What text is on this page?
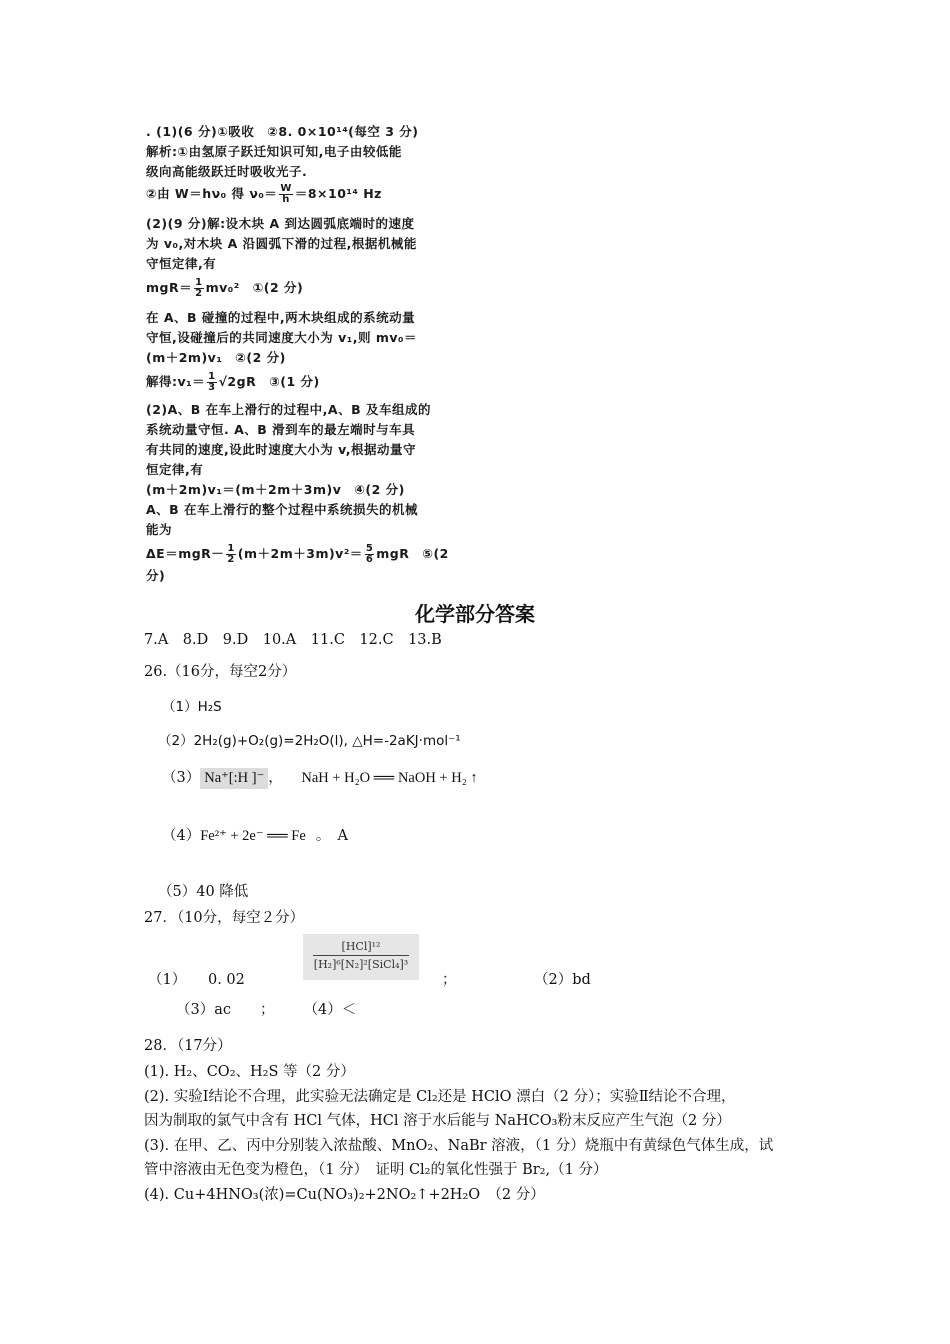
. (1)(6 分)①吸收　②8. 0×10¹⁴(每空 3 分)
解析:①由氢原子跃迁知识可知,电子由较低能
级向高能级跃迁时吸收光子.
②由 W＝hν₀ 得 $\nu_0= \frac{W}{h} =8\times 10^{14}$ Hz
(2)(9 分)解:设木块 A 到达圆弧底端时的速度
为 v₀,对木块 A 沿圆弧下滑的过程,根据机械能
守恒定律,有
$mgR= \frac{1}{2} mv_0^2$　①(2 分)
在 A、B 碰撞的过程中,两木块组成的系统动量
守恒,设碰撞后的共同速度大小为 v₁,则 mv₀＝
(m＋2m)v₁　②(2 分)
解得:v₁＝ $\frac{1}{3} √2gR$　③(1 分)
(2)A、B 在车上滑行的过程中,A、B 及车组成的
系统动量守恒. A、B 滑到车的最左端时与车具
有共同的速度,设此时速度大小为 v,根据动量守
恒定律,有
(m＋2m)v₁＝(m＋2m＋3m)v　④(2 分)
A、B 在车上滑行的整个过程中系统损失的机械
能为
$\Delta E=mgR- \frac{1}{2} (m+2m+3m)v^2= \frac{5}{6}$ mgR　⑤(2
分)
化学部分答案
7.A　8.D　9.D　10.A　11.C　12.C　13.B
26.（16分，每空2分）
（1）H₂S
（2）2H₂(g)+O₂(g)=2H₂O(l), △H=-2aKJ·mol⁻¹
（3） Na⁺[:H ]⁻ ， NaH + H₂O ══ NaOH + H₂ ↑
（4）Fe²⁺ + 2e⁻ ══ Fe 。　A
（5）40 降低
27．（10分，每空２分）
（1）　　0. 02
[HCl]¹²
[H₂]⁶[N₂]²[SiCl₄]³
；	（2）bd
（3）ac　　；　　　（4）＜
28．（17分）
(1). H₂、CO₂、H₂S 等（2 分）
(2). 实验Ⅰ结论不合理，此实验无法确定是 Cl₂还是 HClO 漂白（2 分）；实验Ⅱ结论不合理，
因为制取的氯气中含有 HCl 气体，HCl 溶于水后能与 NaHCO₃粉末反应产生气泡（2 分）
(3). 在甲、乙、丙中分别装入浓盐酸、MnO₂、NaBr 溶液，（1 分）烧瓶中有黄绿色气体生成，试
管中溶液由无色变为橙色，（1 分）　证明 Cl₂的氧化性强于 Br₂,（1 分）
(4). Cu+4HNO₃(浓)=Cu(NO₃)₂+2NO₂↑+2H₂O　（2 分）
